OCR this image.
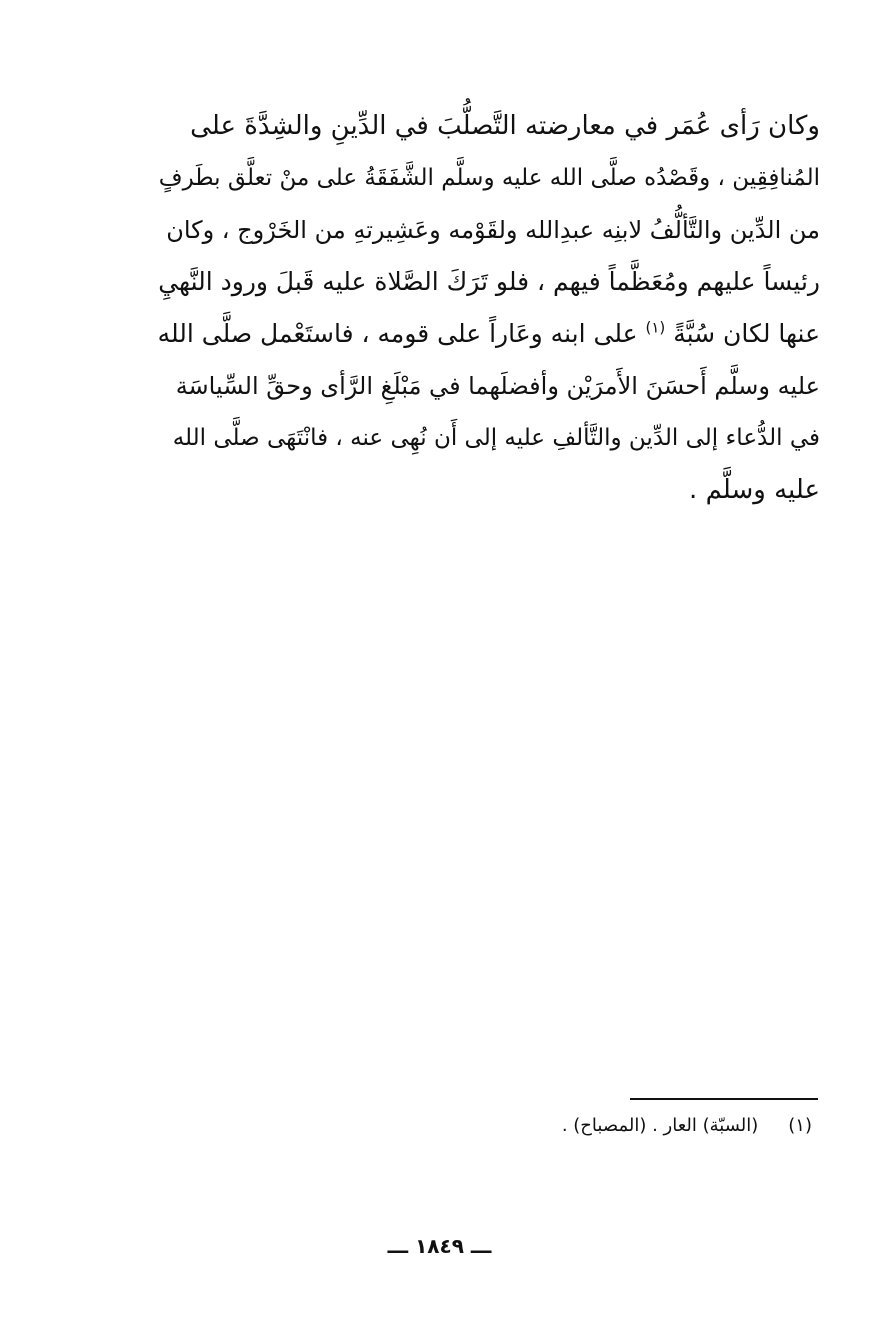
وكان رَأى عُمَر في معارضته التَّصلُّبَ في الدِّينِ والشِدَّةَ على
المُنافِقِين ، وقَصْدُه صلَّى الله عليه وسلَّم الشَّفَقَةُ على منْ تعلَّق بطَرفٍ
من الدِّين والتَّألُّفُ لابنِه عبدِالله ولقَوْمه وعَشِيرتهِ من الخَرْوج ، وكان
رئيساً عليهم ومُعَظَّماً فيهم ، فلو تَرَكَ الصَّلاة عليه قَبلَ ورود النَّهيِ
عنها لكان سُبَّةً $^{(١)}$ على ابنه وعَاراً على قومه ، فاستَعْمل صلَّى الله
عليه وسلَّم أَحسَنَ الأَمرَيْن وأفضلَهما في مَبْلَغِ الرَّأى وحقِّ السِّياسَة
في الدُّعاء إلى الدِّين والتَّألفِ عليه إلى أَن نُهِى عنه ، فانْتَهَى صلَّى الله
عليه وسلَّم .
(١)(السبّة) العار . (المصباح) .
ـــ ١٨٤٩ ـــ
